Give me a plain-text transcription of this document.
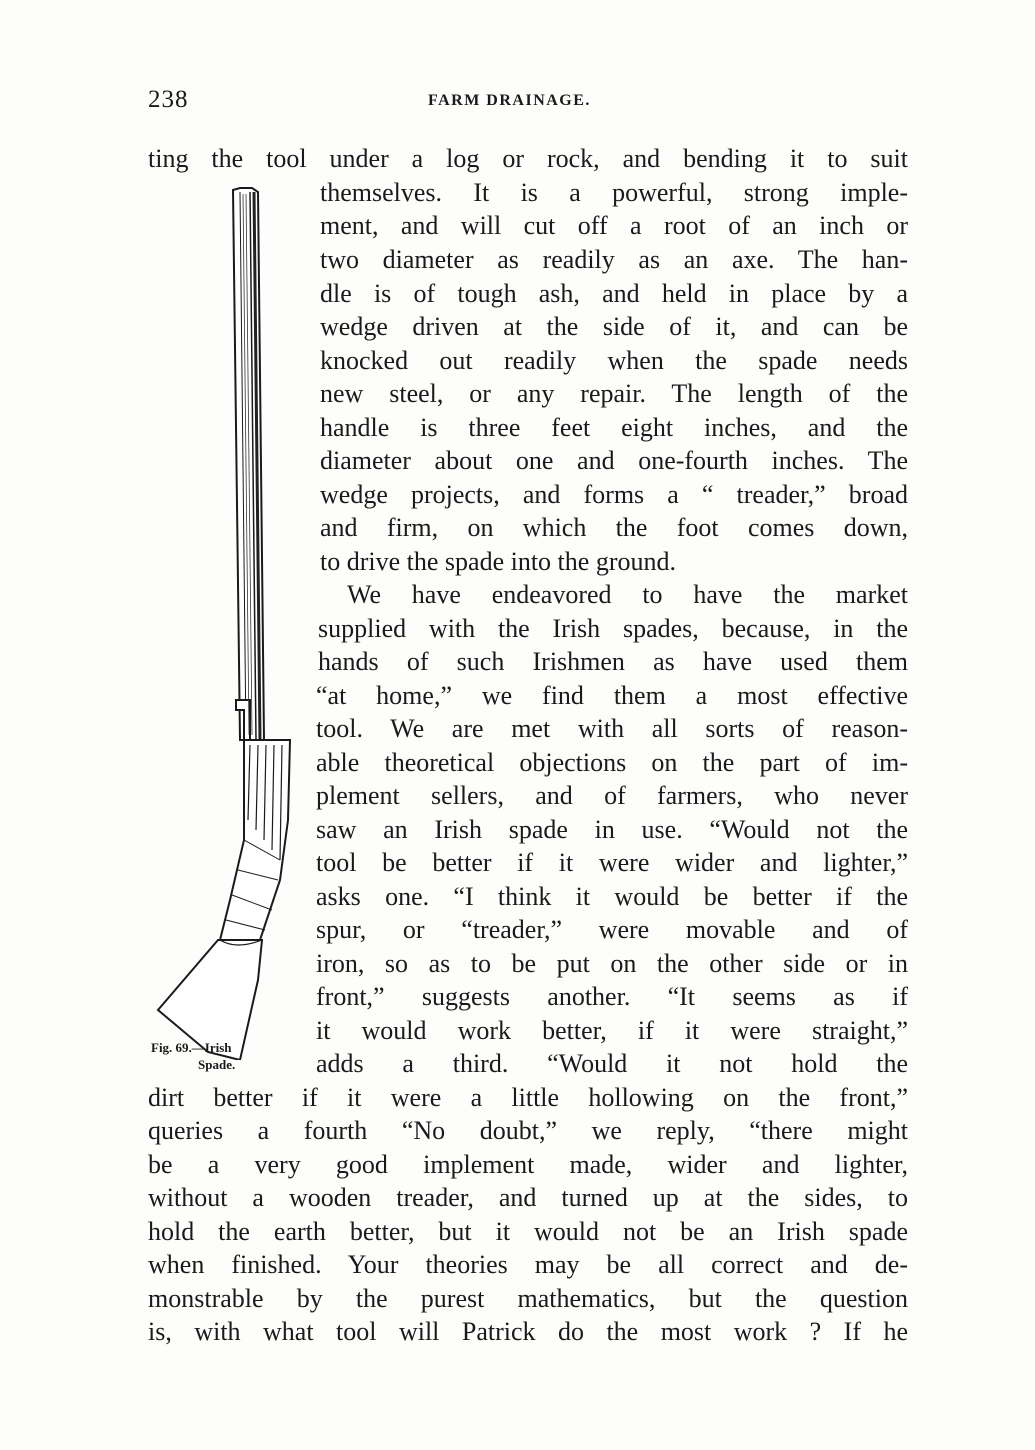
238	FARM DRAINAGE.
Fig. 69.—Irish
Spade.
ting the tool under a log or rock, and bending it to suit
themselves. It is a powerful, strong imple-
ment, and will cut off a root of an inch or
two diameter as readily as an axe. The han-
dle is of tough ash, and held in place by a
wedge driven at the side of it, and can be
knocked out readily when the spade needs
new steel, or any repair. The length of the
handle is three feet eight inches, and the
diameter about one and one-fourth inches. The
wedge projects, and forms a “ treader,” broad
and firm, on which the foot comes down,
to drive the spade into the ground.
We have endeavored to have the market
supplied with the Irish spades, because, in the
hands of such Irishmen as have used them
“at home,” we find them a most effective
tool. We are met with all sorts of reason-
able theoretical objections on the part of im-
plement sellers, and of farmers, who never
saw an Irish spade in use. “Would not the
tool be better if it were wider and lighter,”
asks one. “I think it would be better if the
spur, or “treader,” were movable and of
iron, so as to be put on the other side or in
front,” suggests another. “It seems as if
it would work better, if it were straight,”
adds a third. “Would it not hold the
dirt better if it were a little hollowing on the front,”
queries a fourth “No doubt,” we reply, “there might
be a very good implement made, wider and lighter,
without a wooden treader, and turned up at the sides, to
hold the earth better, but it would not be an Irish spade
when finished. Your theories may be all correct and de-
monstrable by the purest mathematics, but the question
is, with what tool will Patrick do the most work ? If he
